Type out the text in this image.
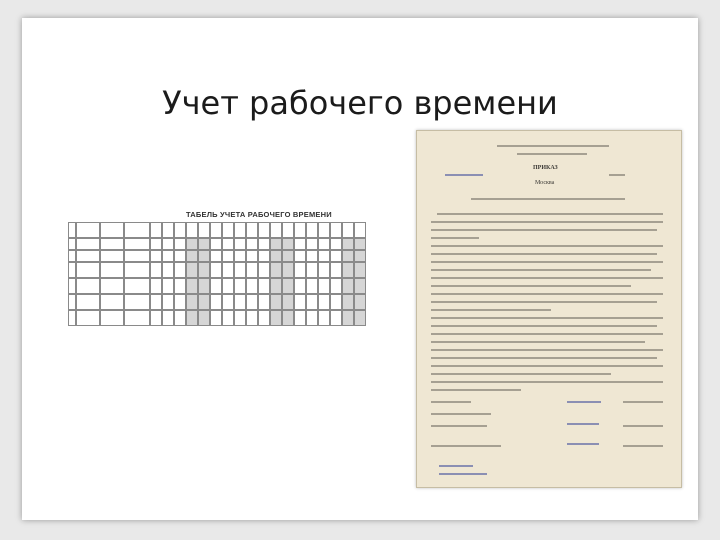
Учет рабочего времени
ТАБЕЛЬ УЧЕТА РАБОЧЕГО ВРЕМЕНИ

ПРИКАЗ
Москва
